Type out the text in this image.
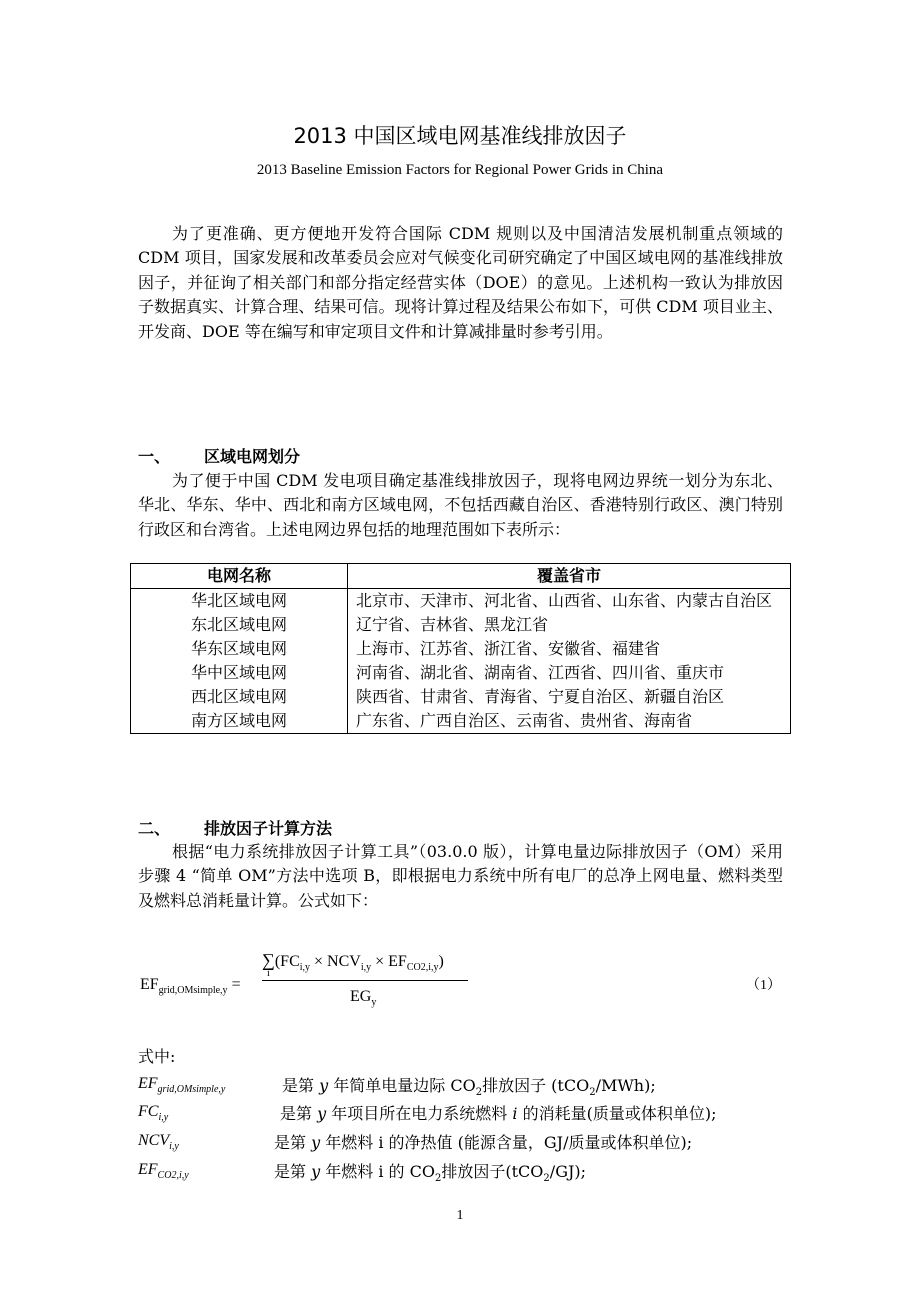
2013 中国区域电网基准线排放因子
2013 Baseline Emission Factors for Regional Power Grids in China
为了更准确、更方便地开发符合国际 CDM 规则以及中国清洁发展机制重点领域的 CDM 项目，国家发展和改革委员会应对气候变化司研究确定了中国区域电网的基准线排放因子，并征询了相关部门和部分指定经营实体（DOE）的意见。上述机构一致认为排放因子数据真实、计算合理、结果可信。现将计算过程及结果公布如下，可供 CDM 项目业主、开发商、DOE 等在编写和审定项目文件和计算减排量时参考引用。
一、 区域电网划分
为了便于中国 CDM 发电项目确定基准线排放因子，现将电网边界统一划分为东北、华北、华东、华中、西北和南方区域电网，不包括西藏自治区、香港特别行政区、澳门特别行政区和台湾省。上述电网边界包括的地理范围如下表所示：
电网名称	覆盖省市
华北区域电网	北京市、天津市、河北省、山西省、山东省、内蒙古自治区
东北区域电网	辽宁省、吉林省、黑龙江省
华东区域电网	上海市、江苏省、浙江省、安徽省、福建省
华中区域电网	河南省、湖北省、湖南省、江西省、四川省、重庆市
西北区域电网	陕西省、甘肃省、青海省、宁夏自治区、新疆自治区
南方区域电网	广东省、广西自治区、云南省、贵州省、海南省
二、 排放因子计算方法
根据“电力系统排放因子计算工具”（03.0.0 版），计算电量边际排放因子（OM）采用步骤 4 “简单 OM”方法中选项 B，即根据电力系统中所有电厂的总净上网电量、燃料类型及燃料总消耗量计算。公式如下：
$EF_{grid,OMsimple,y}$ =
∑
i
$(FC_{i,y} \times NCV_{i,y} \times EF_{CO2,i,y})$
$EG_y$
（1）
式中:
$EF_{grid,OMsimple,y}$	是第 y 年简单电量边际 $CO_2$排放因子 (tCO$_2$/MWh);
$FC_{i,y}$	是第 y 年项目所在电力系统燃料 i 的消耗量(质量或体积单位);
$NCV_{i,y}$	是第 y 年燃料 i 的净热值 (能源含量，GJ/质量或体积单位);
$EF_{CO2,i,y}$	是第 y 年燃料 i 的 $CO_2$排放因子(tCO$_2$/GJ);
1
